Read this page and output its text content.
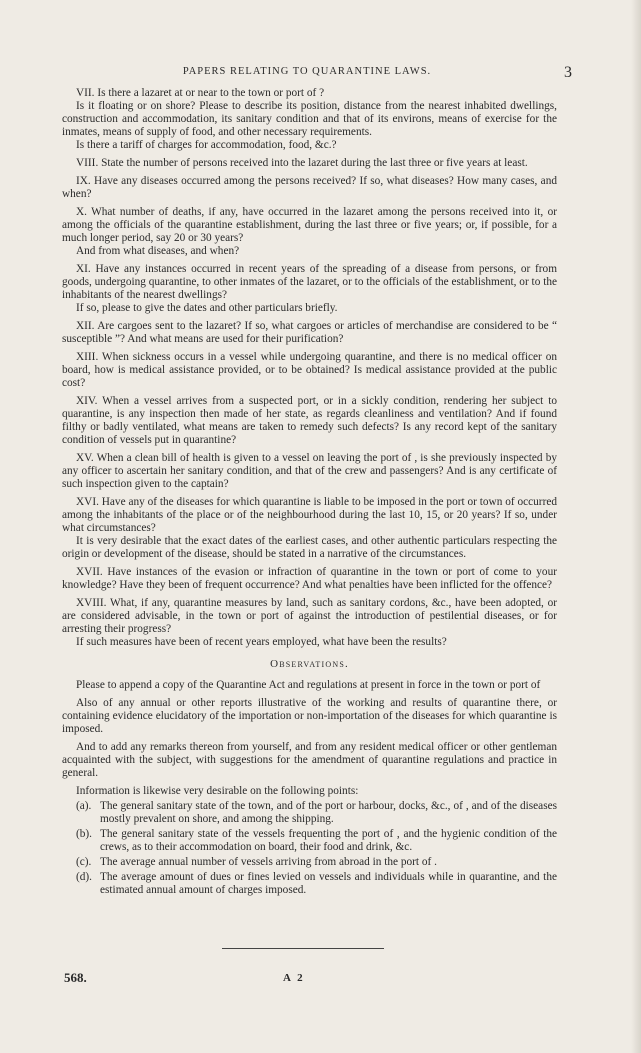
PAPERS RELATING TO QUARANTINE LAWS.	3

VII. Is there a lazaret at or near to the town or port of ?

Is it floating or on shore? Please to describe its position, distance from the nearest inhabited dwellings, construction and accommodation, its sanitary condition and that of its environs, means of exercise for the inmates, means of supply of food, and other necessary requirements.

Is there a tariff of charges for accommodation, food, &c.?

VIII. State the number of persons received into the lazaret during the last three or five years at least.

IX. Have any diseases occurred among the persons received? If so, what diseases? How many cases, and when?

X. What number of deaths, if any, have occurred in the lazaret among the persons received into it, or among the officials of the quarantine establishment, during the last three or five years; or, if possible, for a much longer period, say 20 or 30 years?

And from what diseases, and when?

XI. Have any instances occurred in recent years of the spreading of a disease from persons, or from goods, undergoing quarantine, to other inmates of the lazaret, or to the officials of the establishment, or to the inhabitants of the nearest dwellings?

If so, please to give the dates and other particulars briefly.

XII. Are cargoes sent to the lazaret? If so, what cargoes or articles of merchandise are considered to be “ susceptible ”? And what means are used for their purification?

XIII. When sickness occurs in a vessel while undergoing quarantine, and there is no medical officer on board, how is medical assistance provided, or to be obtained? Is medical assistance provided at the public cost?

XIV. When a vessel arrives from a suspected port, or in a sickly condition, rendering her subject to quarantine, is any inspection then made of her state, as regards cleanliness and ventilation? And if found filthy or badly ventilated, what means are taken to remedy such defects? Is any record kept of the sanitary condition of vessels put in quarantine?

XV. When a clean bill of health is given to a vessel on leaving the port of , is she previously inspected by any officer to ascertain her sanitary condition, and that of the crew and passengers? And is any certificate of such inspection given to the captain?

XVI. Have any of the diseases for which quarantine is liable to be imposed in the port or town of occurred among the inhabitants of the place or of the neighbourhood during the last 10, 15, or 20 years? If so, under what circumstances?

It is very desirable that the exact dates of the earliest cases, and other authentic particulars respecting the origin or development of the disease, should be stated in a narrative of the circumstances.

XVII. Have instances of the evasion or infraction of quarantine in the town or port of come to your knowledge? Have they been of frequent occurrence? And what penalties have been inflicted for the offence?

XVIII. What, if any, quarantine measures by land, such as sanitary cordons, &c., have been adopted, or are considered advisable, in the town or port of against the introduction of pestilential diseases, or for arresting their progress?

If such measures have been of recent years employed, what have been the results?

Observations.

Please to append a copy of the Quarantine Act and regulations at present in force in the town or port of

Also of any annual or other reports illustrative of the working and results of quarantine there, or containing evidence elucidatory of the importation or non-importation of the diseases for which quarantine is imposed.

And to add any remarks thereon from yourself, and from any resident medical officer or other gentleman acquainted with the subject, with suggestions for the amendment of quarantine regulations and practice in general.

Information is likewise very desirable on the following points:

(a). The general sanitary state of the town, and of the port or harbour, docks, &c., of , and of the diseases mostly prevalent on shore, and among the shipping.
(b). The general sanitary state of the vessels frequenting the port of , and the hygienic condition of the crews, as to their accommodation on board, their food and drink, &c.
(c). The average annual number of vessels arriving from abroad in the port of .
(d). The average amount of dues or fines levied on vessels and individuals while in quarantine, and the estimated annual amount of charges imposed.
568.	A 2
